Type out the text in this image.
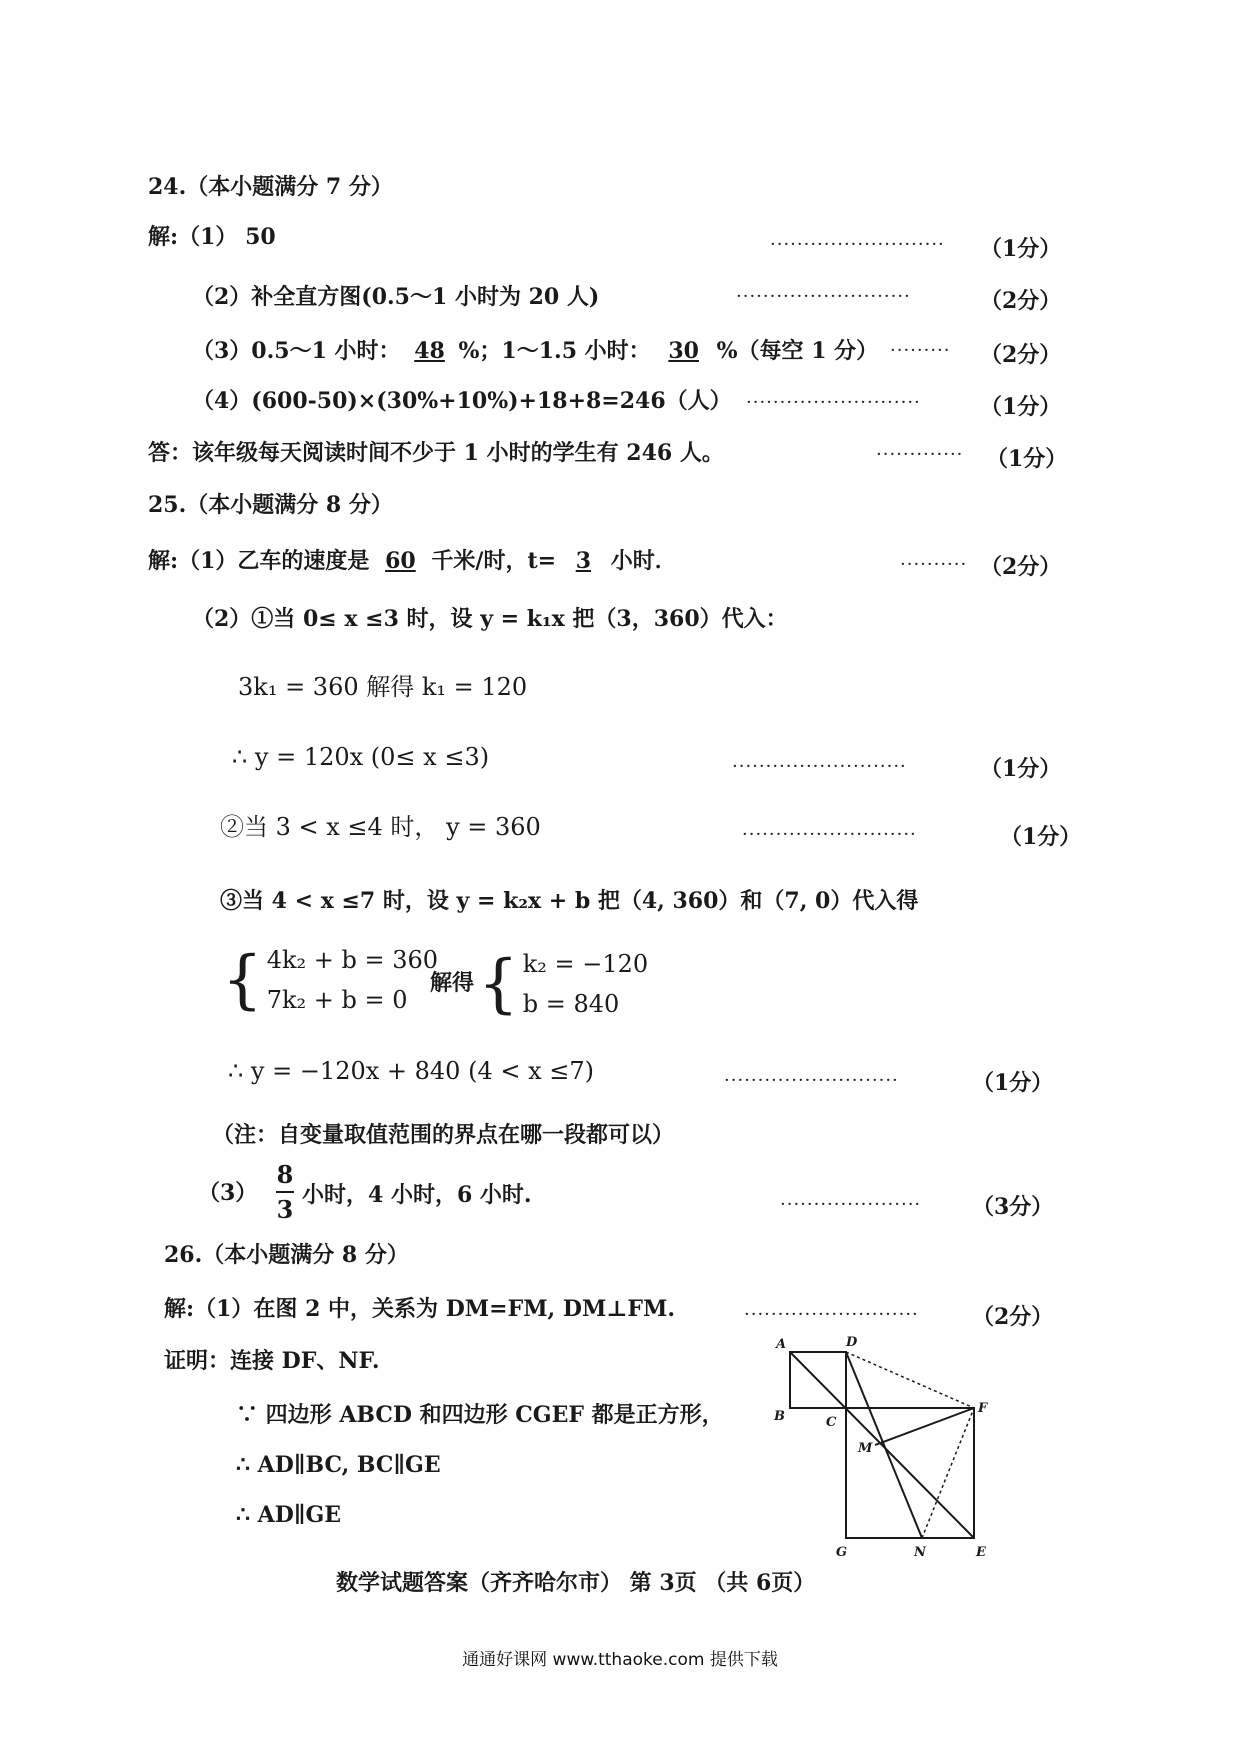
24.（本小题满分 7 分）
解:（1） 50	·························· （1分）
（2）补全直方图(0.5～1 小时为 20 人)	··························	（2分）
（3）0.5～1 小时： 48 %；1～1.5 小时： 30 %（每空 1 分） ········· （2分）
（4）(600-50)×(30%+10%)+18+8=246（人） ··························	（1分）
答：该年级每天阅读时间不少于 1 小时的学生有 246 人。	············· （1分）
25.（本小题满分 8 分）
解:（1）乙车的速度是 60 千米/时，t= 3 小时．	·········· （2分）
（2）①当 0≤ x ≤3 时，设 y = k₁x 把（3，360）代入：
3k₁ = 360 解得 k₁ = 120
∴ y = 120x (0≤ x ≤3)	··························	（1分）
②当 3 < x ≤4 时， y = 360	··························	（1分）
③当 4 < x ≤7 时，设 y = k₂x + b 把（4, 360）和（7, 0）代入得
{ 4k₂ + b = 360
7k₂ + b = 0
解得 { k₂ = −120
b = 840
∴ y = −120x + 840 (4 < x ≤7)	··························	（1分）
（注：自变量取值范围的界点在哪一段都可以）
（3）
8
3 小时，4 小时，6 小时.	····················· （3分）
26.（本小题满分 8 分）
解:（1）在图 2 中，关系为 DM=FM, DM⊥FM.	·························· （2分）
证明：连接 DF、NF.
∵ 四边形 ABCD 和四边形 CGEF 都是正方形，
∴ AD∥BC, BC∥GE
∴ AD∥GE
A	D
B	C
F
M
G	N	E
数学试题答案（齐齐哈尔市） 第 3页 （共 6页）
通通好课网 www.tthaoke.com 提供下载
